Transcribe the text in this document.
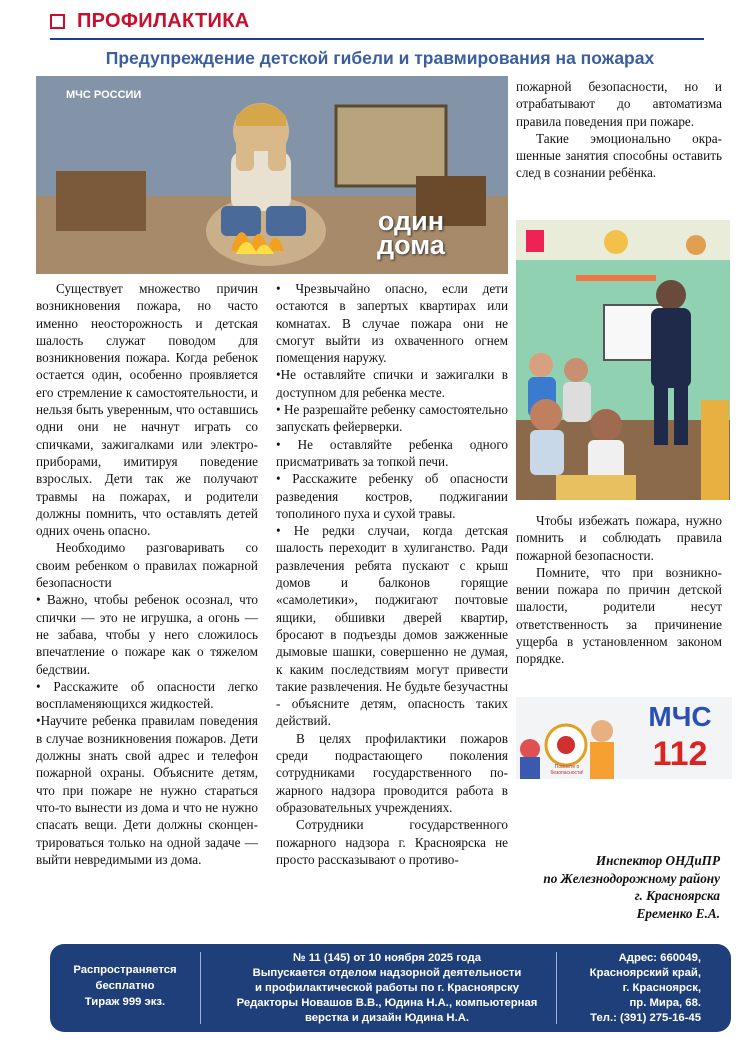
ПРОФИЛАКТИКА
Предупреждение детской гибели и травмирования на пожарах
МЧС РОССИИ
один
дома

Существует множество причин возникновения пожара, но часто именно неосторожность и детская шалость служат поводом для возникновения пожара. Когда ребенок остается один, особенно проявляется его стремление к самостоятельности, и нельзя быть уверенным, что оставшись одни они не начнут играть со спичками, зажигалками или электроприборами, имитируя поведение взрослых. Дети так же получают травмы на пожарах, и родители должны помнить, что оставлять детей одних очень опасно.

Необходимо разговаривать со своим ребенком о правилах пожарной безопасности

• Важно, чтобы ребенок осознал, что спички — это не игрушка, а огонь — не забава, чтобы у него сложилось впечатление о пожаре как о тяжелом бедствии.

• Расскажите об опасности легко воспламеняющихся жидкостей.

•Научите ребенка правилам поведения в случае возникновения пожаров. Дети должны знать свой адрес и телефон пожарной охраны. Объясните детям, что при пожаре не нужно стараться что-то вынести из дома и что не нужно спасать вещи. Дети должны сконцентрироваться только на одной задаче — выйти невредимыми из дома.

• Чрезвычайно опасно, если дети остаются в запертых квартирах или комнатах. В случае пожара они не смогут выйти из охваченного огнем помещения наружу.

•Не оставляйте спички и зажигалки в доступном для ребенка месте.

• Не разрешайте ребенку самостоятельно запускать фейерверки.

• Не оставляйте ребенка одного присматривать за топкой печи.

• Расскажите ребенку об опасности разведения костров, поджигании тополиного пуха и сухой травы.

• Не редки случаи, когда детская шалость переходит в хулиганство. Ради развлечения ребята пускают с крыш домов и балконов горящие «самолетики», поджигают почтовые ящики, обшивки дверей квартир, бросают в подъезды домов зажженные дымовые шашки, совершенно не думая, к каким последствиям могут привести такие развлечения. Не будьте безучастны - объясните детям, опасность таких действий.

В целях профилактики пожаров среди подрастающего поколения сотрудниками государственного пожарного надзора проводится работа в образовательных учреждениях.

Сотрудники государственного пожарного надзора г. Красноярска не просто рассказывают о противо-

пожарной безопасности, но и отрабатывают до автоматизма правила поведения при пожаре.

Такие эмоционально окрашенные занятия способны оставить след в сознании ребёнка.

Чтобы избежать пожара, нужно помнить и соблюдать правила пожарной безопасности.

Помните, что при возникновении пожара по причин детской шалости, родители несут ответственность за причинение ущерба в установленном законом порядке.

Помните о
безопасности!
МЧС
112
Инспектор ОНДиПР
по Железнодорожному району
г. Красноярска
Еременко Е.А.
Распространяется
бесплатно
Тираж 999 экз.
№ 11 (145) от 10 ноября 2025 года
Выпускается отделом надзорной деятельности
и профилактической работы по г. Красноярску
Редакторы Новашов В.В., Юдина Н.А., компьютерная
верстка и дизайн Юдина Н.А.
Адрес: 660049,
Красноярский край,
г. Красноярск,
пр. Мира, 68.
Тел.: (391) 275-16-45
